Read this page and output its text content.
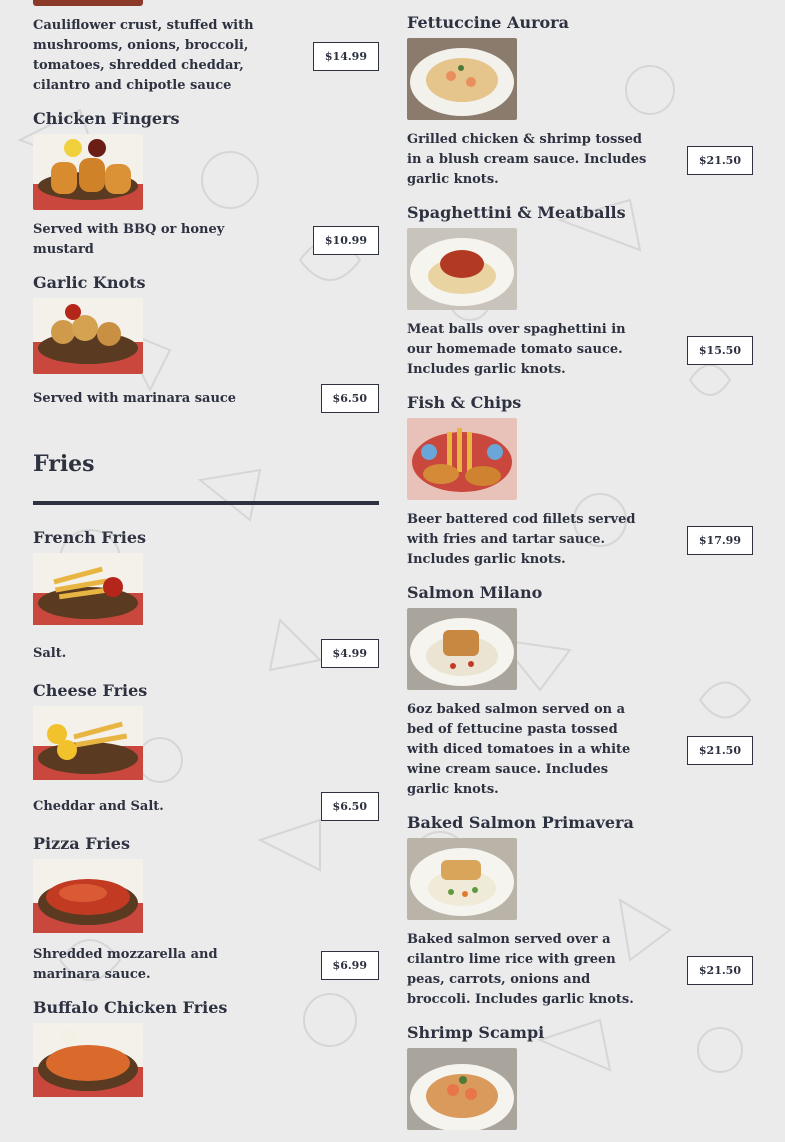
Cauliflower crust, stuffed with mushrooms, onions, broccoli, tomatoes, shredded cheddar, cilantro and chipotle sauce

$14.99
Chicken Fingers

Served with BBQ or honey mustard

$10.99
Garlic Knots

Served with marinara sauce	$6.50
Fries
French Fries

Salt.	$4.99
Cheese Fries

Cheddar and Salt.	$6.50
Pizza Fries

Shredded mozzarella and marinara sauce.

$6.99
Buffalo Chicken Fries

Fettuccine Aurora

Grilled chicken & shrimp tossed in a blush cream sauce. Includes garlic knots.

$21.50
Spaghettini & Meatballs

Meat balls over spaghettini in our homemade tomato sauce. Includes garlic knots.

$15.50
Fish & Chips

Beer battered cod fillets served with fries and tartar sauce. Includes garlic knots.

$17.99
Salmon Milano

6oz baked salmon served on a bed of fettucine pasta tossed with diced tomatoes in a white wine cream sauce. Includes garlic knots.

$21.50
Baked Salmon Primavera

Baked salmon served over a cilantro lime rice with green peas, carrots, onions and broccoli. Includes garlic knots.

$21.50
Shrimp Scampi
